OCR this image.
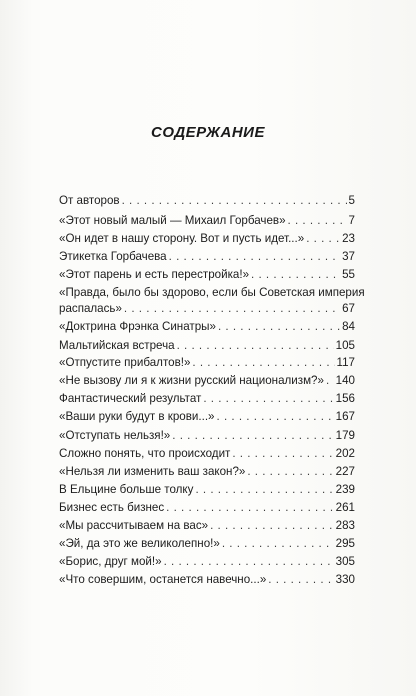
СОДЕРЖАНИЕ
От авторов . . .	5
«Этот новый малый — Михаил Горбачев» . . .	7
«Он идет в нашу сторону. Вот и пусть идет...» . . .	23
Этикетка Горбачева . . .	37
«Этот парень и есть перестройка!» . . .	55
«Правда, было бы здорово, если бы Советская империя
распалась» . . .	67
«Доктрина Фрэнка Синатры» . . .	84
Мальтийская встреча . . .	105
«Отпустите прибалтов!» . . .	117
«Не вызову ли я к жизни русский национализм?» . . . 140
Фантастический результат . . .	156
«Ваши руки будут в крови...» . . .	167
«Отступать нельзя!» . . .	179
Сложно понять, что происходит . . .	202
«Нельзя ли изменить ваш закон?» . . .	227
В Ельцине больше толку . . .	239
Бизнес есть бизнес . . .	261
«Мы рассчитываем на вас» . . .	283
«Эй, да это же великолепно!» . . .	295
«Борис, друг мой!» . . .	305
«Что совершим, останется навечно...» . . .	330
